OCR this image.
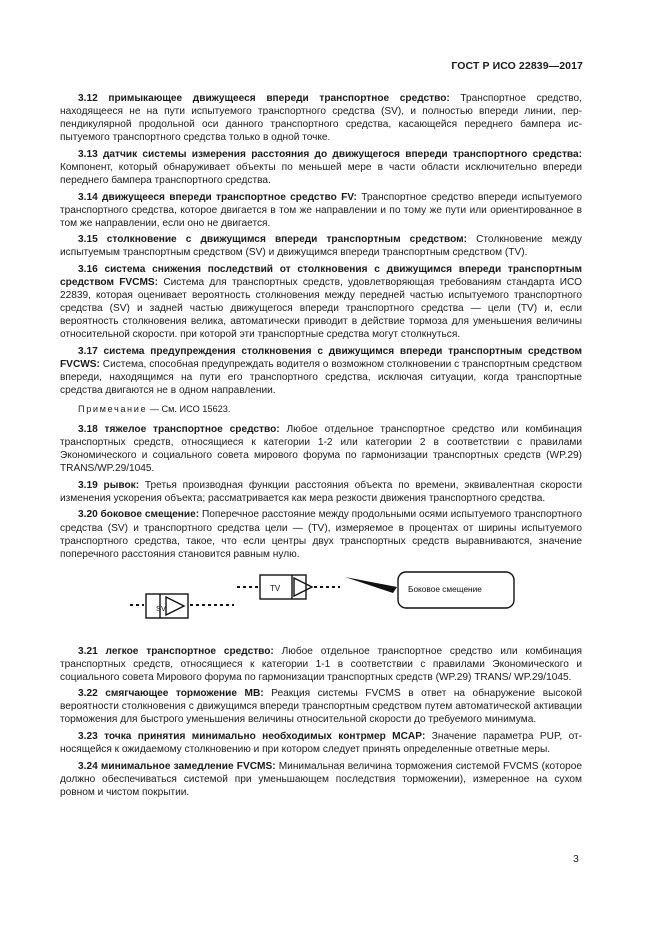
ГОСТ Р ИСО 22839—2017

3.12 примыкающее движущееся впереди транспортное средство: Транспортное средство, находящееся не на пути испытуемого транспортного средства (SV), и полностью впереди линии, перпендикулярной продольной оси данного транспортного средства, касающейся переднего бампера испытуемого транспортного средства только в одной точке.

3.13 датчик системы измерения расстояния до движущегося впереди транспортного средства: Компонент, который обнаруживает объекты по меньшей мере в части области исключительно впереди переднего бампера транспортного средства.

3.14 движущееся впереди транспортное средство FV: Транспортное средство впереди испытуемого транспортного средства, которое двигается в том же направлении и по тому же пути или ориентированное в том же направлении, если оно не двигается.

3.15 столкновение с движущимся впереди транспортным средством: Столкновение между испытуемым транспортным средством (SV) и движущимся впереди транспортным средством (TV).

3.16 система снижения последствий от столкновения с движущимся впереди транспортным средством FVCMS: Система для транспортных средств, удовлетворяющая требованиям стандарта ИСО 22839, которая оценивает вероятность столкновения между передней частью испытуемого транспортного средства (SV) и задней частью движущегося впереди транспортного средства — цели (TV) и, если вероятность столкновения велика, автоматически приводит в действие тормоза для уменьшения величины относительной скорости. при которой эти транспортные средства могут столкнуться.

3.17 система предупреждения столкновения с движущимся впереди транспортным средством FVCWS: Система, способная предупреждать водителя о возможном столкновении с транспортным средством впереди, находящимся на пути его транспортного средства, исключая ситуации, когда транспортные средства двигаются не в одном направлении.

Примечание — См. ИСО 15623.

3.18 тяжелое транспортное средство: Любое отдельное транспортное средство или комбинация транспортных средств, относящиеся к категории 1-2 или категории 2 в соответствии с правилами Экономического и социального совета мирового форума по гармонизации транспортных средств (WP.29) TRANS/WP.29/1045.

3.19 рывок: Третья производная функции расстояния объекта по времени, эквивалентная скорости изменения ускорения объекта; рассматривается как мера резкости движения транспортного средства.

3.20 боковое смещение: Поперечное расстояние между продольными осями испытуемого транспортного средства (SV) и транспортного средства цели — (TV), измеряемое в процентах от ширины испытуемого транспортного средства, такое, что если центры двух транспортных средств выравниваются, значение поперечного расстояния становится равным нулю.

SV
TV	Боковое смещение

3.21 легкое транспортное средство: Любое отдельное транспортное средство или комбинация транспортных средств, относящиеся к категории 1-1 в соответствии с правилами Экономического и социального совета Мирового форума по гармонизации транспортных средств (WP.29) TRANS/ WP.29/1045.

3.22 смягчающее торможение MB: Реакция системы FVCMS в ответ на обнаружение высокой вероятности столкновения с движущимся впереди транспортным средством путем автоматической активации торможения для быстрого уменьшения величины относительной скорости до требуемого минимума.

3.23 точка принятия минимально необходимых контрмер MCAP: Значение параметра PUP, относящейся к ожидаемому столкновению и при котором следует принять определенные ответные меры.

3.24 минимальное замедление FVCMS: Минимальная величина торможения системой FVCMS (которое должно обеспечиваться системой при уменьшающем последствия торможении), измеренное на сухом ровном и чистом покрытии.

3
